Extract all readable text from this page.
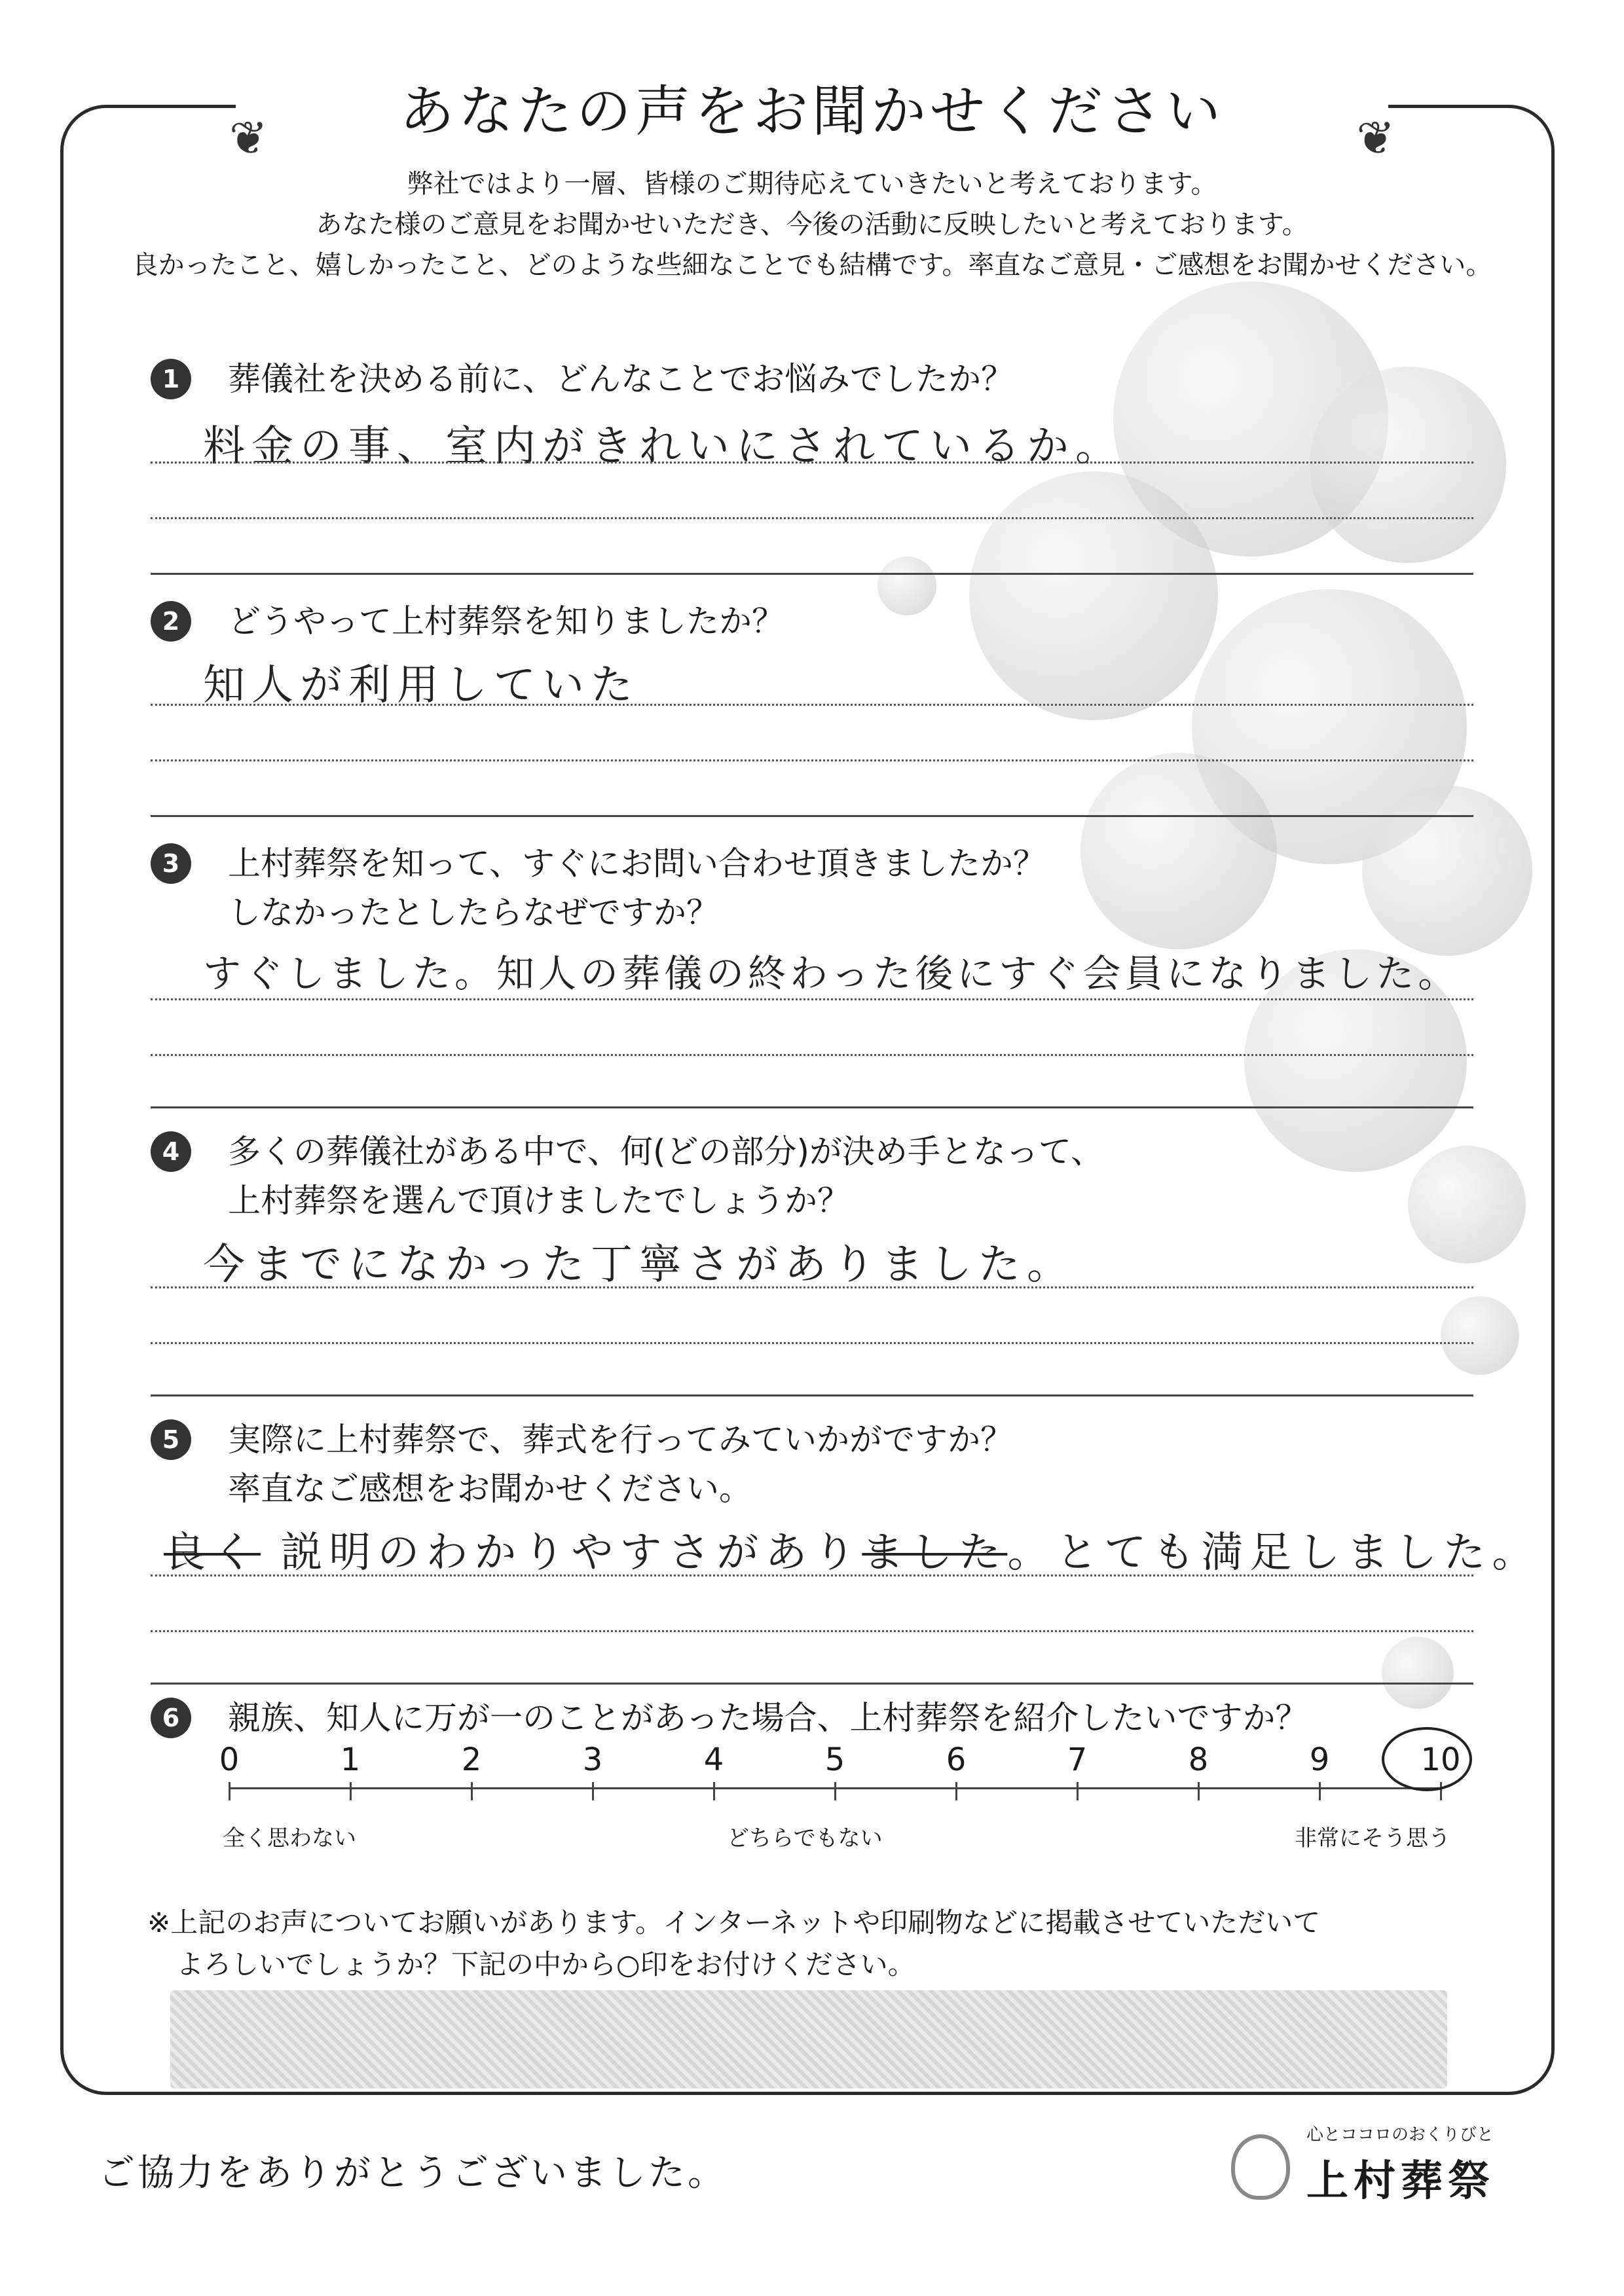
❦	あなたの声をお聞かせください	❦
弊社ではより一層、皆様のご期待応えていきたいと考えております。
あなた様のご意見をお聞かせいただき、今後の活動に反映したいと考えております。
良かったこと、嬉しかったこと、どのような些細なことでも結構です。率直なご意見・ご感想をお聞かせください。
1	葬儀社を決める前に、どんなことでお悩みでしたか？
料金の事、室内がきれいにされているか。
2	どうやって上村葬祭を知りましたか？
知人が利用していた
3	上村葬祭を知って、すぐにお問い合わせ頂きましたか？
しなかったとしたらなぜですか？
すぐしました。知人の葬儀の終わった後にすぐ会員になりました。
4	多くの葬儀社がある中で、何(どの部分)が決め手となって、
上村葬祭を選んで頂けましたでしょうか？
今までになかった丁寧さがありました。
5	実際に上村葬祭で、葬式を行ってみていかがですか？
率直なご感想をお聞かせください。
良く 説明のわかりやすさがありました。とても満足しました。
6	親族、知人に万が一のことがあった場合、上村葬祭を紹介したいですか？
0	1	2	3	4	5	6	7	8	9	10
全く思わない	どちらでもない	非常にそう思う
※上記のお声についてお願いがあります。インターネットや印刷物などに掲載させていただいて
よろしいでしょうか？下記の中から○印をお付けください。
ご協力をありがとうございました。
心とココロのおくりびと
上村葬祭
